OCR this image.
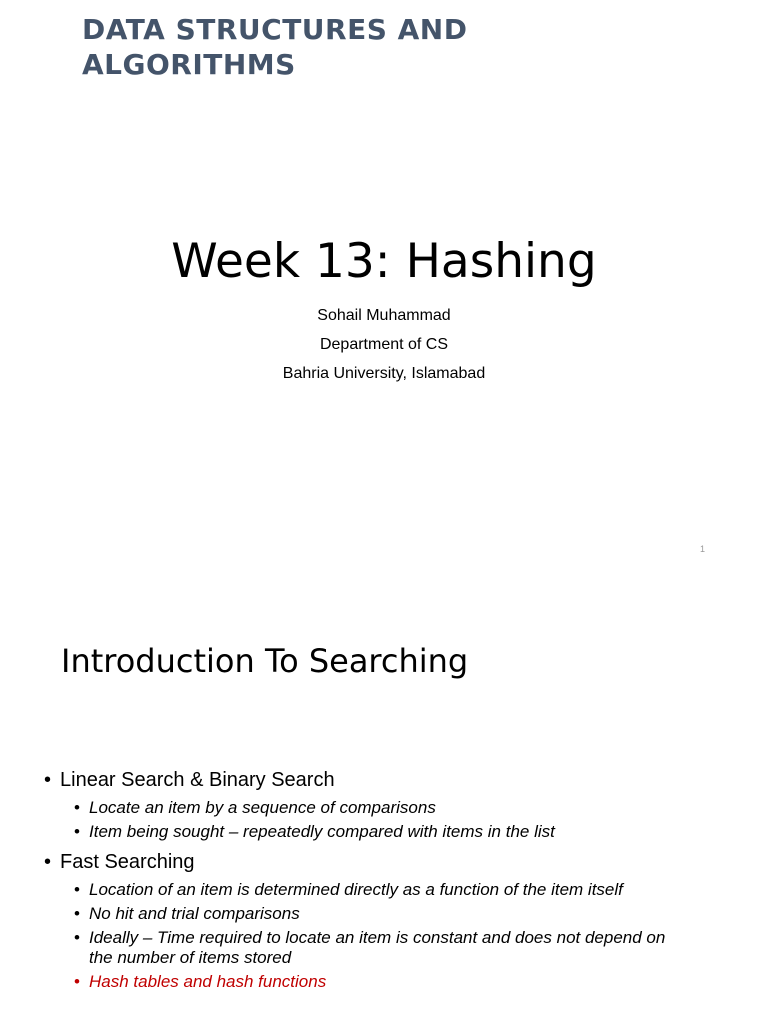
DATA STRUCTURES AND
ALGORITHMS
Week 13: Hashing
Sohail Muhammad
Department of CS
Bahria University, Islamabad
1
Introduction To Searching
• Linear Search & Binary Search
• Locate an item by a sequence of comparisons
• Item being sought – repeatedly compared with items in the list
• Fast Searching
• Location of an item is determined directly as a function of the item itself
• No hit and trial comparisons
• Ideally – Time required to locate an item is constant and does not depend on the number of items stored
• Hash tables and hash functions
